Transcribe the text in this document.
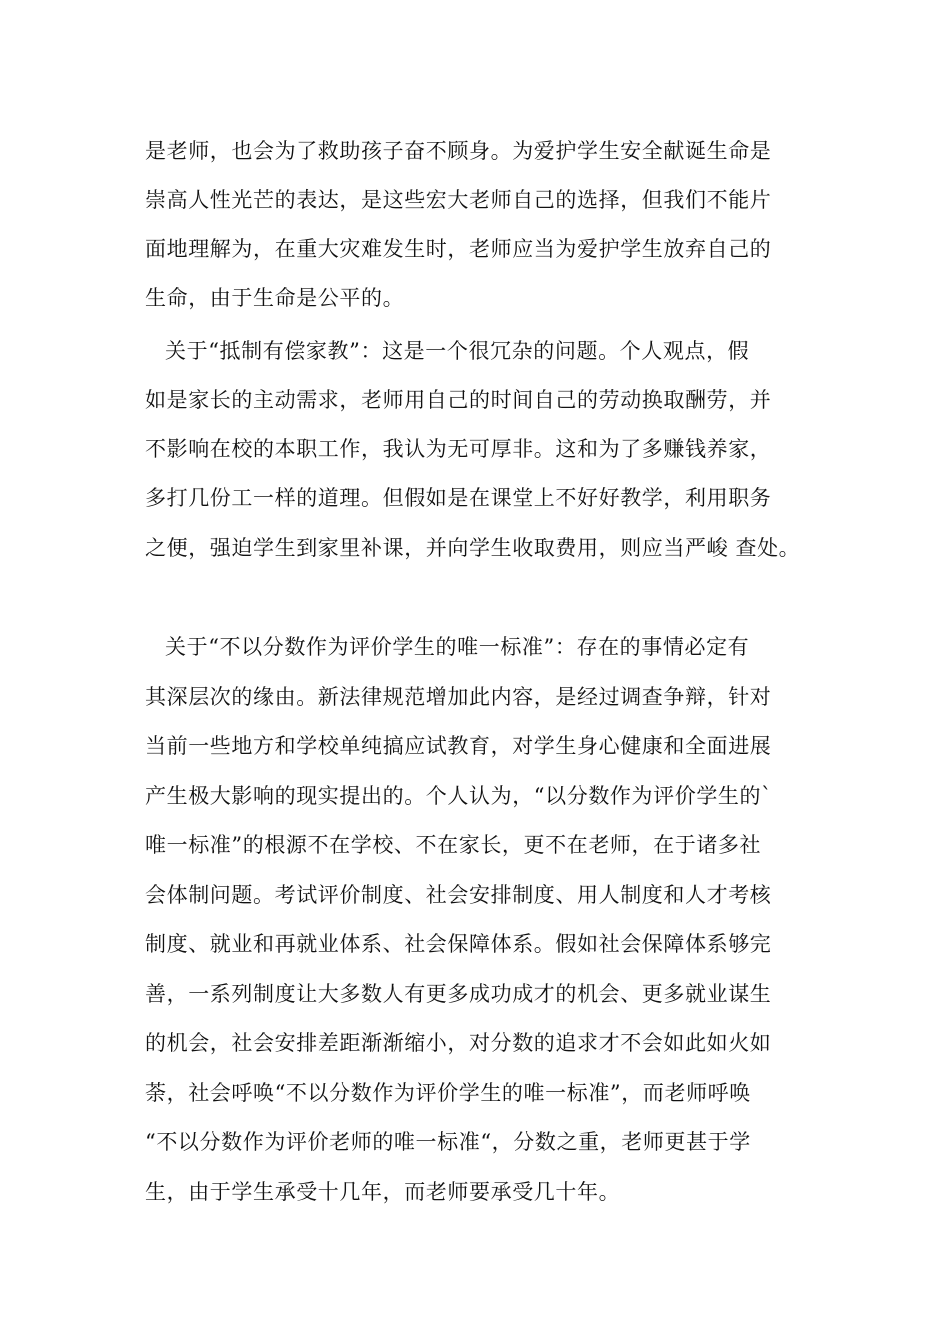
是老师，也会为了救助孩子奋不顾身。为爱护学生安全献诞生命是
崇高人性光芒的表达，是这些宏大老师自己的选择，但我们不能片
面地理解为，在重大灾难发生时，老师应当为爱护学生放弃自己的
生命，由于生命是公平的。
关于“抵制有偿家教”：这是一个很冗杂的问题。个人观点，假
如是家长的主动需求，老师用自己的时间自己的劳动换取酬劳，并
不影响在校的本职工作，我认为无可厚非。这和为了多赚钱养家，
多打几份工一样的道理。但假如是在课堂上不好好教学，利用职务
之便，强迫学生到家里补课，并向学生收取费用，则应当严峻 查处。
关于“不以分数作为评价学生的唯一标准”：存在的事情必定有
其深层次的缘由。新法律规范增加此内容，是经过调查争辩，针对
当前一些地方和学校单纯搞应试教育，对学生身心健康和全面进展
产生极大影响的现实提出的。个人认为，“以分数作为评价学生的`
唯一标准”的根源不在学校、不在家长，更不在老师，在于诸多社
会体制问题。考试评价制度、社会安排制度、用人制度和人才考核
制度、就业和再就业体系、社会保障体系。假如社会保障体系够完
善，一系列制度让大多数人有更多成功成才的机会、更多就业谋生
的机会，社会安排差距渐渐缩小，对分数的追求才不会如此如火如
荼，社会呼唤“不以分数作为评价学生的唯一标准”，而老师呼唤
“不以分数作为评价老师的唯一标准“，分数之重，老师更甚于学
生，由于学生承受十几年，而老师要承受几十年。
